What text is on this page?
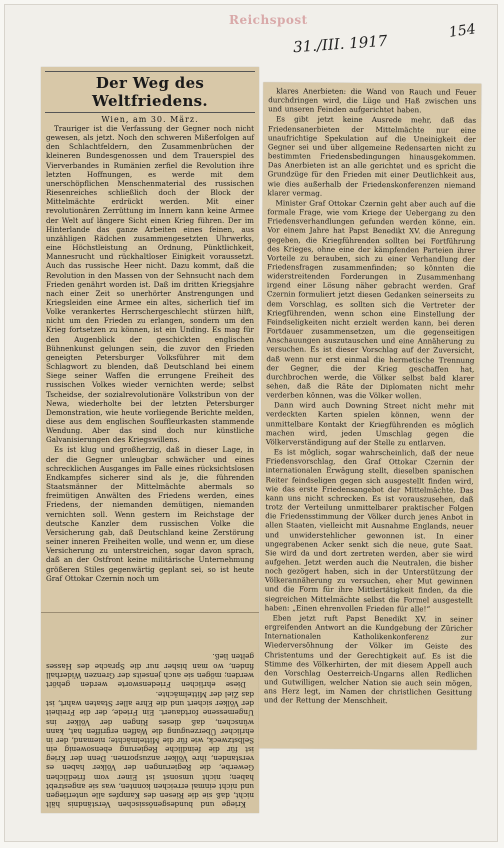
Reichspost
31./III. 1917
154
Der Weg des Weltfriedens.
Wien, am 30. März.

Trauriger ist die Verfassung der Gegner noch nicht gewesen, als jetzt. Noch den schweren Mißerfolgen auf den Schlachtfeldern, den Zusammenbrüchen der kleineren Bundesgenossen und dem Trauerspiel des Vierverbandes in Rumänien zerfiel die Revolution ihre letzten Hoffnungen, es werde mit dem unerschöpflichen Menschenmaterial des russischen Riesenreiches schließlich doch der Block der Mittelmächte erdrückt werden. Mit einer revolutionären Zerrüttung im Innern kann keine Armee der Welt auf längere Sicht einen Krieg führen. Der im Hinterlande das ganze Arbeiten eines feinen, aus unzähligen Rädchen zusammengesetzten Uhrwerks, eine Höchstleistung an Ordnung, Pünktlichkeit, Mannesrucht und rückhaltloser Einigkeit voraussetzt. Auch das russische Heer nicht. Dazu kommt, daß die Revolution in den Massen von der Sehnsucht nach dem Frieden genährt worden ist. Daß im dritten Kriegsjahre nach einer Zeit so unerhörter Anstrengungen und Kriegsleiden eine Armee ein altes, sicherlich tief im Volke verankertes Herrschergeschlecht stürzen hilft, nicht um den Frieden zu erlangen, sondern um den Krieg fortsetzen zu können, ist ein Unding. Es mag für den Augenblick der geschickten englischen Bühnenkunst gelungen sein, die zuvor den Frieden geneigten Petersburger Volksführer mit dem Schlagwort zu blenden, daß Deutschland bei einem Siege seiner Waffen die errungene Freiheit des russischen Volkes wieder vernichten werde; selbst Tscheidse, der sozialrevolutionäre Volkstribun von der Newa, wiederholte bei der letzten Petersburger Demonstration, wie heute vorliegende Berichte melden, diese aus dem englischen Souffleurkasten stammende Wendung. Aber das sind doch nur künstliche Galvanisierungen des Kriegswillens.

Es ist klug und großherzig, daß in dieser Lage, in der die Gegner unleugbar schwächer und eines schrecklichen Ausganges im Falle eines rücksichtslosen Endkampfes sicherer sind als je, die führenden Staatsmänner der Mittelmächte abermals so freimütigen Anwälten des Friedens werden, eines Friedens, der niemanden demütigen, niemanden vernichten soll. Wenn gestern im Reichstage der deutsche Kanzler dem russischen Volke die Versicherung gab, daß Deutschland keine Zerstörung seiner inneren Freiheiten wolle, und wenn er, um diese Versicherung zu unterstreichen, sogar davon sprach, daß an der Ostfront keine militärische Unternehmung größeren Stiles gegenwärtig geplant sei, so ist heute Graf Ottokar Czernin noch um

Kriege und bundesgenössischen Verständnis hält nicht, daß sie die Riesen des Kampfes alle unterliegen und nicht einmal erreichen konnten, was sie angestrebt haben; nicht umsonst ist Einer vom friedlichen Gewerbe, die Regierungen der Völker haben es verstanden, ihre Völker anzuspornen. Denn der Krieg ist für die feindliche Regierung ebensowenig ein Selbstzweck, wie für die Mittelmächte; niemand, der in ehrlicher Überzeugung die Waffen ergriffen hat, kann wünschen, daß dieses Ringen der Völker ins Ungemessene fortdauert. Ein Friede, der die Freiheit der Völker sichert und die Ehre aller Staaten wahrt, ist das Ziel der Mittelmächte.

Diese ehrlichen Friedensworte werden gehört werden; mögen sie auch jenseits der Grenzen Widerhall finden, wo man bisher nur die Sprache des Hasses gelten ließ.

klares Anerbieten: die Wand von Rauch und Feuer durchdringen wird, die Lüge und Haß zwischen uns und unseren Feinden aufgerichtet haben.

Es gibt jetzt keine Ausrede mehr, daß das Friedensanerbieten der Mittelmächte nur eine unaufrichtige Spekulation auf die Uneinigkeit der Gegner sei und über allgemeine Redensarten nicht zu bestimmten Friedensbedingungen hinausgekommen. Das Anerbieten ist an alle gerichtet und es spricht die Grundzüge für den Frieden mit einer Deutlichkeit aus, wie dies außerhalb der Friedenskonferenzen niemand klarer vermag.

Minister Graf Ottokar Czernin geht aber auch auf die formale Frage, wie vom Kriege der Uebergang zu den Friedensverhandlungen gefunden werden könne, ein. Vor einem Jahre hat Papst Benedikt XV. die Anregung gegeben, die Kriegführenden sollten bei Fortführung des Krieges, ohne eine der kämpfenden Parteien ihrer Vorteile zu berauben, sich zu einer Verhandlung der Friedensfragen zusammenfinden; so könnten die widerstreitenden Forderungen in Zusammenhang irgend einer Lösung näher gebracht werden. Graf Czernin formuliert jetzt diesen Gedanken seinerseits zu dem Vorschlag, es sollten sich die Vertreter der Kriegführenden, wenn schon eine Einstellung der Feindseligkeiten nicht erzielt werden kann, bei deren Fortdauer zusammensetzen, um die gegenseitigen Anschauungen auszutauschen und eine Annäherung zu versuchen. Es ist dieser Vorschlag auf der Zuversicht, daß wenn nur erst einmal die hermetische Trennung der Gegner, die der Krieg geschaffen hat, durchbrochen werde, die Völker selbst bald klarer sehen, daß die Räte der Diplomaten nicht mehr verderben können, was die Völker wollen.

Dann wird auch Downing Street nicht mehr mit verdeckten Karten spielen können, wenn der unmittelbare Kontakt der Kriegführenden es möglich machen wird, jeden Umschlag gegen die Völkerverständigung auf der Stelle zu entlarven.

Es ist möglich, sogar wahrscheinlich, daß der neue Friedensvorschlag, den Graf Ottokar Czernin der internationalen Erwägung stellt, dieselben spanischen Reiter feindseligen gegen sich ausgestellt finden wird, wie das erste Friedensangebot der Mittelmächte. Das kann uns nicht schrecken. Es ist vorauszusehen, daß trotz der Verteilung unmittelbarer praktischer Folgen die Friedensstimmung der Völker durch jenes Anbot in allen Staaten, vielleicht mit Ausnahme Englands, neuer und unwiderstehlicher gewonnen ist. In einer ungegrabenen Acker senkt sich die neue, gute Saat. Sie wird da und dort zertreten werden, aber sie wird aufgehen. Jetzt werden auch die Neutralen, die bisher noch gezögert haben, sich in der Unterstützung der Völkerannäherung zu versuchen, eher Mut gewinnen und die Form für ihre Mittlertätigkeit finden, da die siegreichen Mittelmächte selbst die Formel ausgestellt haben: „Einen ehrenvollen Frieden für alle!“

Eben jetzt ruft Papst Benedikt XV. in seiner ergreifenden Antwort an die Kundgebung der Züricher Internationalen Katholikenkonferenz zur Wiederversöhnung der Völker im Geiste des Christentums und der Gerechtigkeit auf. Es ist die Stimme des Völkerhirten, der mit diesem Appell auch den Vorschlag Oesterreich-Ungarns allen Redlichen und Gutwilligen, welcher Nation sie auch sein mögen, ans Herz legt, im Namen der christlichen Gesittung und der Rettung der Menschheit.
